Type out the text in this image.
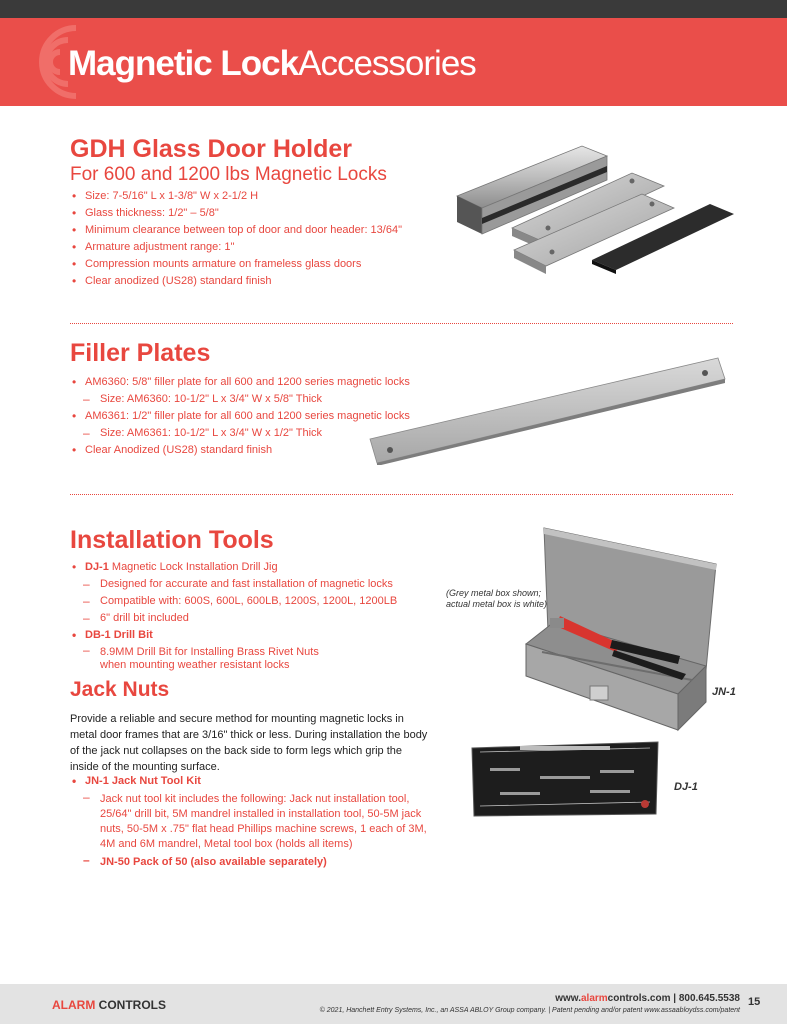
Magnetic LockAccessories
GDH Glass Door Holder
For 600 and 1200 lbs Magnetic Locks
• Size: 7-5/16" L x 1-3/8" W x 2-1/2 H
• Glass thickness: 1/2" – 5/8"
• Minimum clearance between top of door and door header: 13/64"
• Armature adjustment range: 1"
• Compression mounts armature on frameless glass doors
• Clear anodized (US28) standard finish
Filler Plates
• AM6360: 5/8" filler plate for all 600 and 1200 series magnetic locks
– Size: AM6360: 10-1/2" L x 3/4" W x 5/8" Thick
• AM6361: 1/2" filler plate for all 600 and 1200 series magnetic locks
– Size: AM6361: 10-1/2" L x 3/4" W x 1/2" Thick
• Clear Anodized (US28) standard finish
Installation Tools
• DJ-1 Magnetic Lock Installation Drill Jig
– Designed for accurate and fast installation of magnetic locks
– Compatible with: 600S, 600L, 600LB, 1200S, 1200L, 1200LB
– 6" drill bit included
• DB-1 Drill Bit
– 8.9MM Drill Bit for Installing Brass Rivet Nuts
when mounting weather resistant locks
(Grey metal box shown;
actual metal box is white)
JN-1
DJ-1
Jack Nuts
Provide a reliable and secure method for mounting magnetic locks in metal door frames that are 3/16" thick or less. During installation the body of the jack nut collapses on the back side to form legs which grip the inside of the mounting surface.
• JN-1 Jack Nut Tool Kit
– Jack nut tool kit includes the following: Jack nut installation tool, 25/64" drill bit, 5M mandrel installed in installation tool, 50-5M jack nuts, 50-5M x .75" flat head Phillips machine screws, 1 each of 3M, 4M and 6M mandrel, Metal tool box (holds all items)
– JN-50 Pack of 50 (also available separately)
ALARM CONTROLS	www.alarmcontrols.com | 800.645.5538
© 2021, Hanchett Entry Systems, Inc., an ASSA ABLOY Group company. | Patent pending and/or patent www.assaabloydss.com/patent
15
